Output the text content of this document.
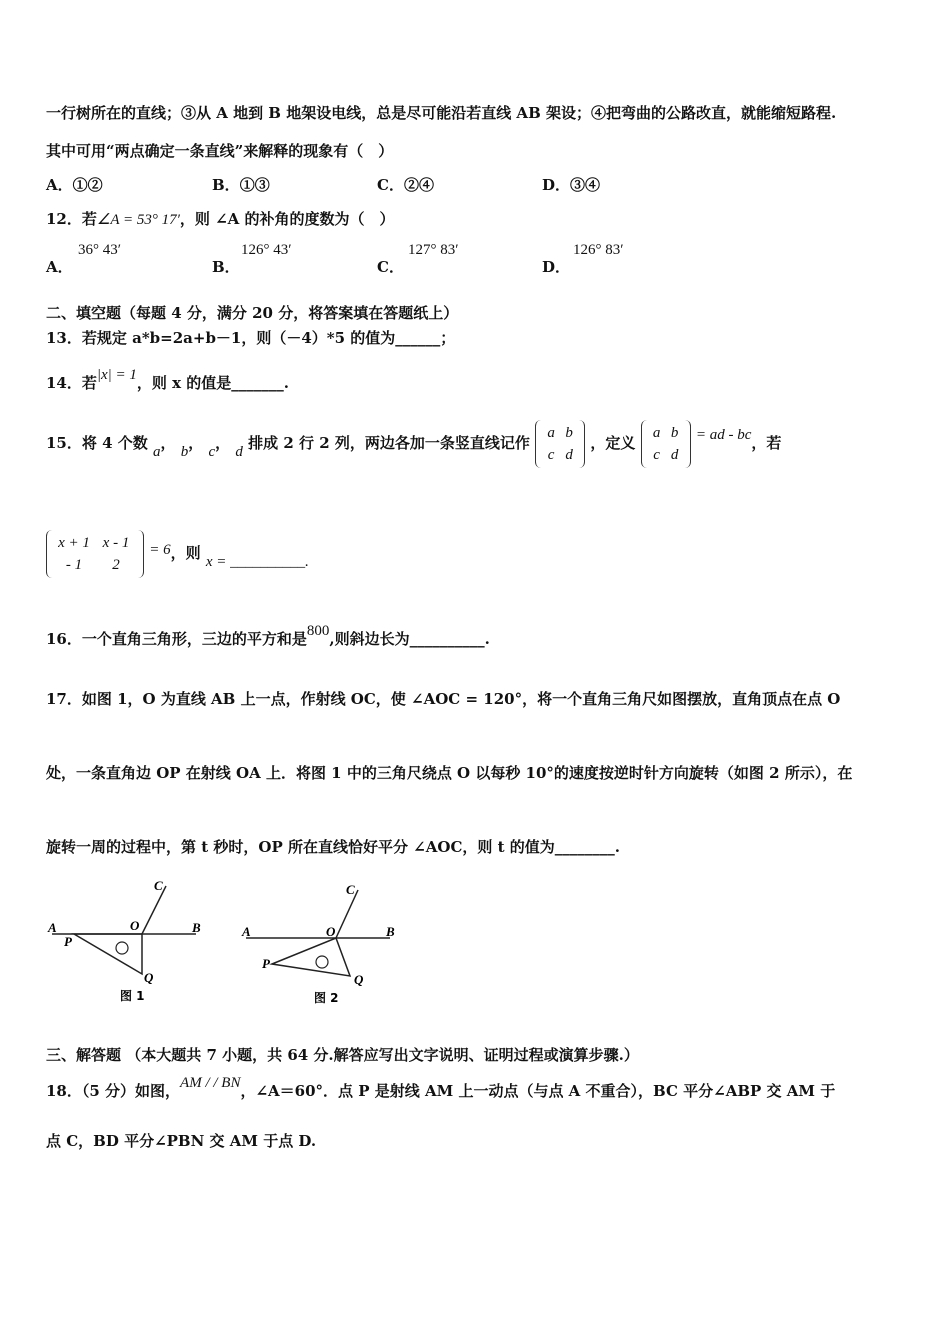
一行树所在的直线；③从 A 地到 B 地架设电线，总是尽可能沿若直线 AB 架设；④把弯曲的公路改直，就能缩短路程.
其中可用“两点确定一条直线”来解释的现象有（　）
A．①②	B．①③	C．②④	D．③④
12．若∠A = 53° 17′，则 ∠A 的补角的度数为（　）
A．
36° 43′
B．
126° 43′
C．
127° 83′
D．
126° 83′
二、填空题（每题 4 分，满分 20 分，将答案填在答题纸上）
13．若规定 a*b=2a+b－1，则（－4）*5 的值为______；
14．若|x| = 1，则 x 的值是_______.
15．将 4 个数 a， b， c， d 排成 2 行 2 列，两边各加一条竖直线记作
a b
c d
，定义
a b
c d
= ad - bc，若
x + 1 x - 1
- 1 2
= 6，则 x = __________.
16．一个直角三角形，三边的平方和是800,则斜边长为__________.
17．如图 1，O 为直线 AB 上一点，作射线 OC，使 ∠AOC = 120°，将一个直角三角尺如图摆放，直角顶点在点 O
处，一条直角边 OP 在射线 OA 上．将图 1 中的三角尺绕点 O 以每秒 10°的速度按逆时针方向旋转（如图 2 所示），在
旋转一周的过程中，第 t 秒时，OP 所在直线恰好平分 ∠AOC，则 t 的值为________.
A	B
C
O
P
Q
图 1
A	B
C
O
P
Q
图 2
三、解答题 （本大题共 7 小题，共 64 分.解答应写出文字说明、证明过程或演算步骤.）
18．（5 分）如图，AM / / BN，∠A＝60°．点 P 是射线 AM 上一动点（与点 A 不重合），BC 平分∠ABP 交 AM 于
点 C，BD 平分∠PBN 交 AM 于点 D.
